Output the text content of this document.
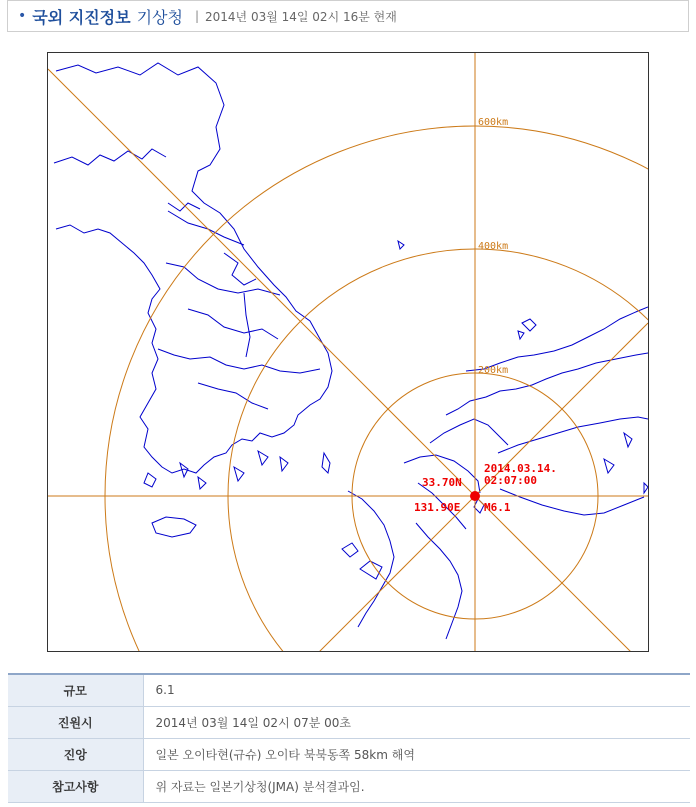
• 국외 지진정보 기상청 | 2014년 03월 14일 02시 16분 현재
600km
400km
200km
33.70N
131.90E
2014.03.14.
02:07:00
M6.1
규모	6.1
진원시	2014년 03월 14일 02시 07분 00초
진앙	일본 오이타현(규슈) 오이타 북북동쪽 58km 해역
참고사항	위 자료는 일본기상청(JMA) 분석결과임.
